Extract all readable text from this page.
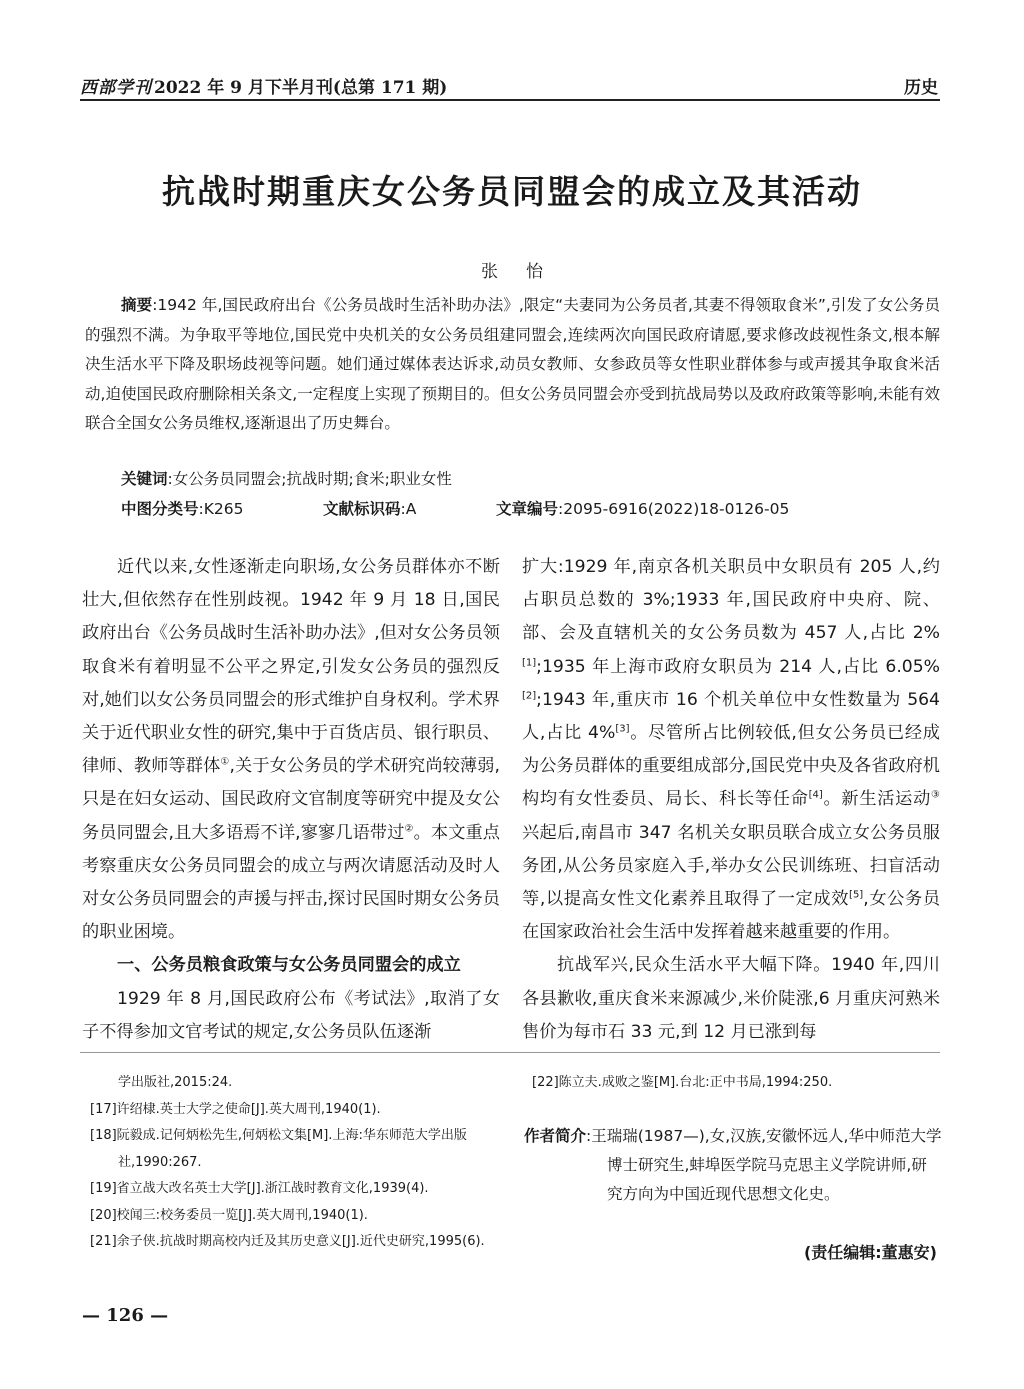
西部学刊 2022 年 9 月下半月刊(总第 171 期)	历史
抗战时期重庆女公务员同盟会的成立及其活动
张怡
摘要:1942 年,国民政府出台《公务员战时生活补助办法》,限定“夫妻同为公务员者,其妻不得领取食米”,引发了女公务员的强烈不满。为争取平等地位,国民党中央机关的女公务员组建同盟会,连续两次向国民政府请愿,要求修改歧视性条文,根本解决生活水平下降及职场歧视等问题。她们通过媒体表达诉求,动员女教师、女参政员等女性职业群体参与或声援其争取食米活动,迫使国民政府删除相关条文,一定程度上实现了预期目的。但女公务员同盟会亦受到抗战局势以及政府政策等影响,未能有效联合全国女公务员维权,逐渐退出了历史舞台。
关键词:女公务员同盟会;抗战时期;食米;职业女性
中图分类号:K265	文献标识码:A	文章编号:2095-6916(2022)18-0126-05

近代以来,女性逐渐走向职场,女公务员群体亦不断壮大,但依然存在性别歧视。1942 年 9 月 18 日,国民政府出台《公务员战时生活补助办法》,但对女公务员领取食米有着明显不公平之界定,引发女公务员的强烈反对,她们以女公务员同盟会的形式维护自身权利。学术界关于近代职业女性的研究,集中于百货店员、银行职员、律师、教师等群体①,关于女公务员的学术研究尚较薄弱,只是在妇女运动、国民政府文官制度等研究中提及女公务员同盟会,且大多语焉不详,寥寥几语带过②。本文重点考察重庆女公务员同盟会的成立与两次请愿活动及时人对女公务员同盟会的声援与抨击,探讨民国时期女公务员的职业困境。

一、公务员粮食政策与女公务员同盟会的成立

1929 年 8 月,国民政府公布《考试法》,取消了女子不得参加文官考试的规定,女公务员队伍逐渐

扩大:1929 年,南京各机关职员中女职员有 205 人,约占职员总数的 3%;1933 年,国民政府中央府、院、部、会及直辖机关的女公务员数为 457 人,占比 2%[1];1935 年上海市政府女职员为 214 人,占比 6.05%[2];1943 年,重庆市 16 个机关单位中女性数量为 564 人,占比 4%[3]。尽管所占比例较低,但女公务员已经成为公务员群体的重要组成部分,国民党中央及各省政府机构均有女性委员、局长、科长等任命[4]。新生活运动③兴起后,南昌市 347 名机关女职员联合成立女公务员服务团,从公务员家庭入手,举办女公民训练班、扫盲活动等,以提高女性文化素养且取得了一定成效[5],女公务员在国家政治社会生活中发挥着越来越重要的作用。

抗战军兴,民众生活水平大幅下降。1940 年,四川各县歉收,重庆食米来源减少,米价陡涨,6 月重庆河熟米售价为每市石 33 元,到 12 月已涨到每

学出版社,2015:24.
[17]许绍棣.英士大学之使命[J].英大周刊,1940(1).
[18]阮毅成.记何炳松先生,何炳松文集[M].上海:华东师范大学出版社,1990:267.
[19]省立战大改名英士大学[J].浙江战时教育文化,1939(4).
[20]校闻三:校务委员一览[J].英大周刊,1940(1).
[21]余子侠.抗战时期高校内迁及其历史意义[J].近代史研究,1995(6).
[22]陈立夫.成败之鉴[M].台北:正中书局,1994:250.
作者简介:王瑞瑞(1987—),女,汉族,安徽怀远人,华中师范大学博士研究生,蚌埠医学院马克思主义学院讲师,研究方向为中国近现代思想文化史。
(责任编辑:董惠安)
— 126 —
